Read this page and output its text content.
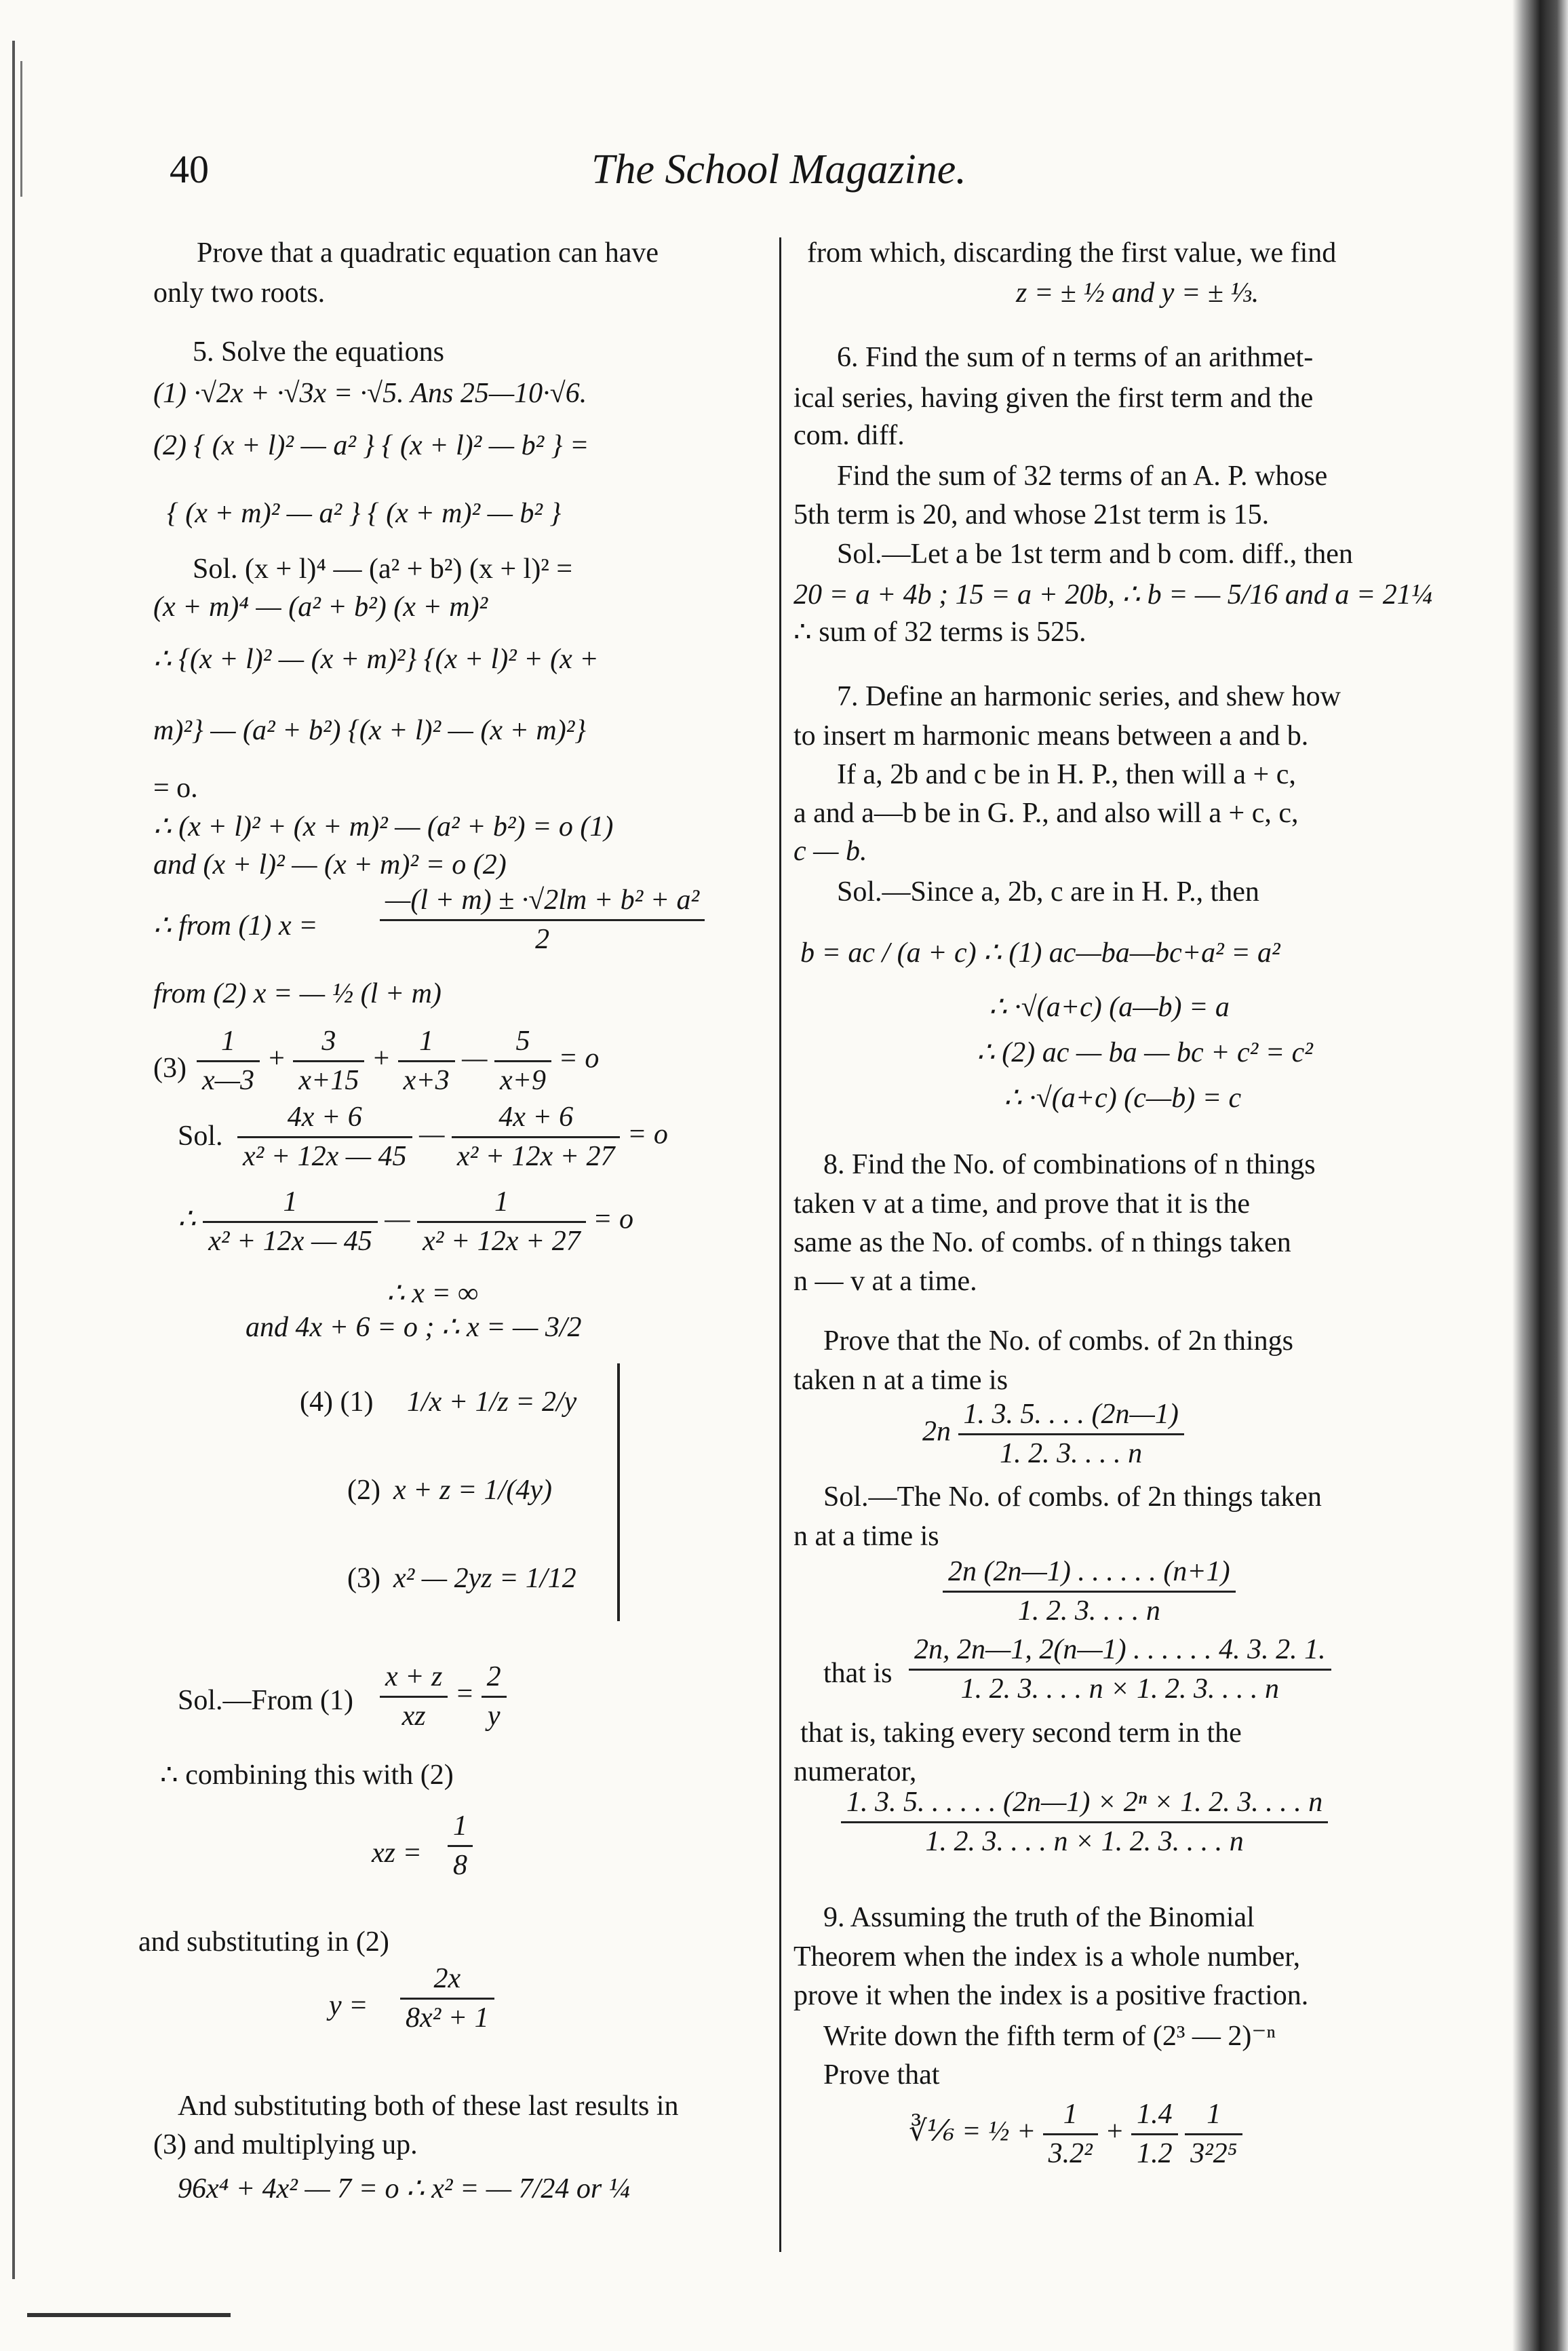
40	The School Magazine.
Prove that a quadratic equation can have
only two roots.
5. Solve the equations
(1) ·√2x + ·√3x = ·√5. Ans 25—10·√6.
(2) { (x + l)² — a² } { (x + l)² — b² } =
{ (x + m)² — a² } { (x + m)² — b² }
Sol. (x + l)⁴ — (a² + b²) (x + l)² =
(x + m)⁴ — (a² + b²) (x + m)²
∴ {(x + l)² — (x + m)²} {(x + l)² + (x +
m)²} — (a² + b²) {(x + l)² — (x + m)²}
= o.
∴ (x + l)² + (x + m)² — (a² + b²) = o (1)
and (x + l)² — (x + m)² = o (2)
∴ from (1) $x = \frac{\text{—(l + m) ± ·√2lm + b² + a²}}{2}$
from (2) x = — ½ (l + m)
$(3) \frac{1}{x—3} + \frac{3}{x+15} + \frac{1}{x+3}$ — $\frac{5}{x+9} = o$
Sol. $\frac{4x + 6}{\text{x² + 12x — 45}}$ — $\frac{4x + 6}{\text{x² + 12x + 27}} = o$
∴ $\frac{1}{\text{x² + 12x — 45}}$ — $\frac{1}{\text{x² + 12x + 27}} = o$
∴ x = ∞
and 4x + 6 = o ; ∴ x = — 3/2
(4) (1) 1/x + 1/z = 2/y
(2) x + z = 1/(4y)
(3) x² — 2yz = 1/12
Sol.—From $(1) \frac{x + z}{xz} = \frac{2}{y}$
∴ combining this with (2)
xz = $\frac{1}{8}$
and substituting in (2)
$y = \frac{2x}{\text{8x² + 1}}$
And substituting both of these last results in
(3) and multiplying up.
96x⁴ + 4x² — 7 = o ∴ x² = — 7/24 or ¼
from which, discarding the first value, we find
z = ± ½ and y = ± ⅓.
6. Find the sum of n terms of an arithmet-
ical series, having given the first term and the
com. diff.
Find the sum of 32 terms of an A. P. whose
5th term is 20, and whose 21st term is 15.
Sol.—Let a be 1st term and b com. diff., then
20 = a + 4b ; 15 = a + 20b, ∴ b = — 5/16 and a = 21¼
∴ sum of 32 terms is 525.
7. Define an harmonic series, and shew how
to insert m harmonic means between a and b.
If a, 2b and c be in H. P., then will a + c,
a and a—b be in G. P., and also will a + c, c,
c — b.
Sol.—Since a, 2b, c are in H. P., then
b = ac / (a + c) ∴ (1) ac—ba—bc+a² = a²
∴ ·√(a+c) (a—b) = a
∴ (2) ac — ba — bc + c² = c²
∴ ·√(a+c) (c—b) = c
8. Find the No. of combinations of n things
taken v at a time, and prove that it is the
same as the No. of combs. of n things taken
n — v at a time.
Prove that the No. of combs. of 2n things
taken n at a time is
$2n \frac{1. 3. 5. . . . (2n—1)}{1. 2. 3. . . . n}$
Sol.—The No. of combs. of 2n things taken
n at a time is
$\frac{2n (2n—1) . . . . . . (n+1)}{1. 2. 3. . . . n}$
that is $\frac{2n, 2n—1, 2(n—1) . . . . . . 4. 3. 2. 1.}{1. 2. 3. . . . n \times 1. 2. 3. . . . n}$
that is, taking every second term in the
numerator,
$\frac{\text{1. 3. 5. . . . . . (2n—1) × 2ⁿ × 1. 2. 3. . . . n}}{1. 2. 3. . . . n \times 1. 2. 3. . . . n}$
9. Assuming the truth of the Binomial
Theorem when the index is a whole number,
prove it when the index is a positive fraction.
Write down the fifth term of (2³ — 2)⁻ⁿ
Prove that
∛⅙ = ½ + $\frac{1}{\text{3.2²}} + \frac{1.4}{1.2}$
$\frac{1}{\text{3²2⁵}}$
